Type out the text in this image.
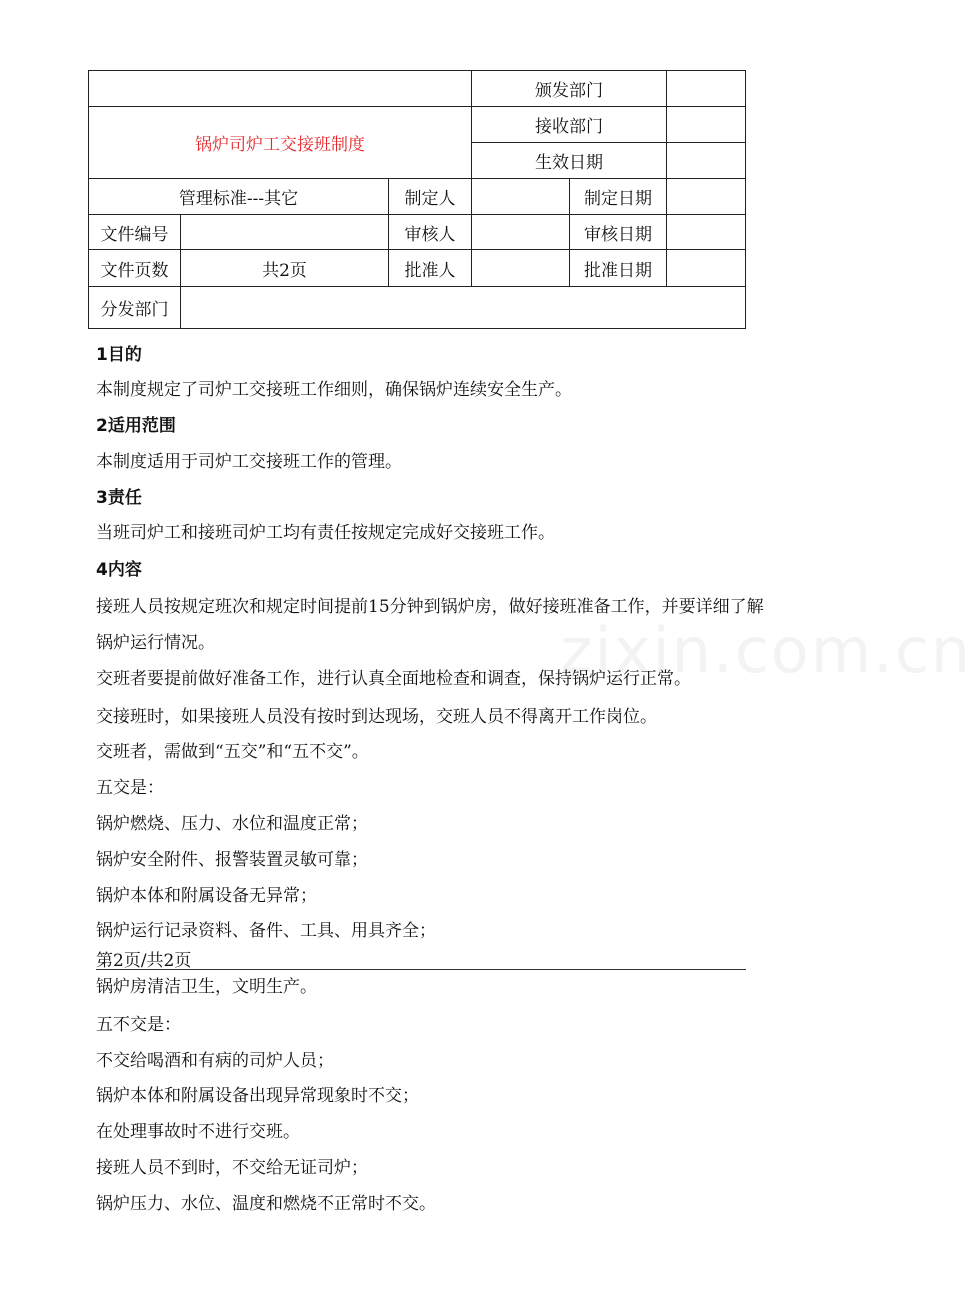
			颁发部门		
锅炉司炉工交接班制度			接收部门		
			生效日期		
管理标准---其它		制定人		制定日期	
文件编号		审核人		审核日期	
文件页数	共2页	批准人		批准日期	
分发部门					
zixin.com.cn
1目的
本制度规定了司炉工交接班工作细则，确保锅炉连续安全生产。
2适用范围
本制度适用于司炉工交接班工作的管理。
3责任
当班司炉工和接班司炉工均有责任按规定完成好交接班工作。
4内容
接班人员按规定班次和规定时间提前15分钟到锅炉房，做好接班准备工作，并要详细了解
锅炉运行情况。
交班者要提前做好准备工作，进行认真全面地检查和调查，保持锅炉运行正常。
交接班时，如果接班人员没有按时到达现场，交班人员不得离开工作岗位。
交班者，需做到“五交”和“五不交”。
五交是：
锅炉燃烧、压力、水位和温度正常；
锅炉安全附件、报警装置灵敏可靠；
锅炉本体和附属设备无异常；
锅炉运行记录资料、备件、工具、用具齐全；
锅炉房清洁卫生，文明生产。
五不交是：
不交给喝酒和有病的司炉人员；
锅炉本体和附属设备出现异常现象时不交；
在处理事故时不进行交班。
接班人员不到时，不交给无证司炉；
锅炉压力、水位、温度和燃烧不正常时不交。
第2页/共2页
